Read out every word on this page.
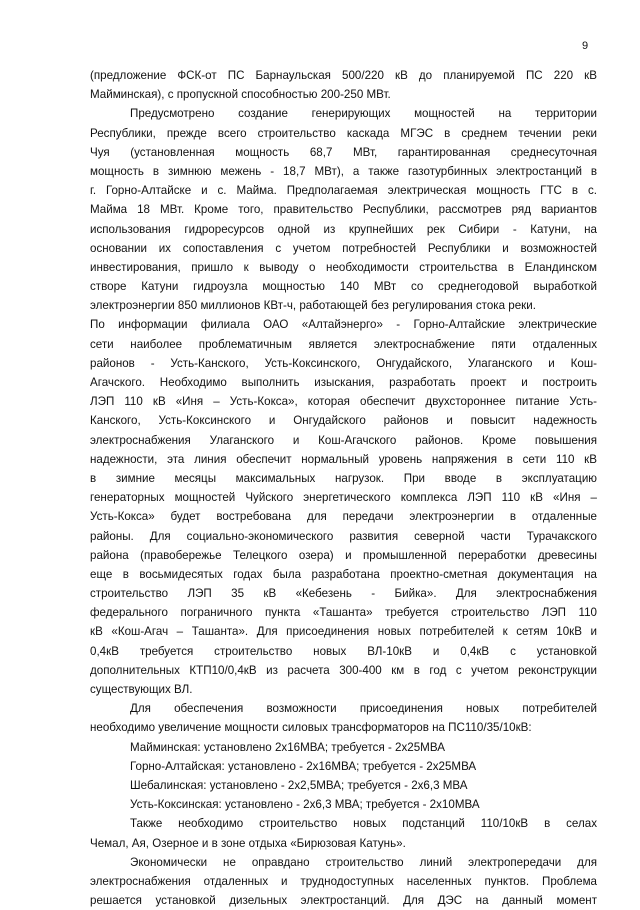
9
(предложение ФСК-от ПС Барнаульская 500/220 кВ до планируемой ПС 220 кВ
Майминская), с пропускной способностью 200-250 МВт.
Предусмотрено создание генерирующих мощностей на территории
Республики, прежде всего строительство каскада МГЭС в среднем течении реки
Чуя (установленная мощность 68,7 МВт, гарантированная среднесуточная
мощность в зимнюю межень - 18,7 МВт), а также газотурбинных электростанций в
г. Горно-Алтайске и с. Майма. Предполагаемая электрическая мощность ГТС в с.
Майма 18 МВт. Кроме того, правительство Республики, рассмотрев ряд вариантов
использования гидроресурсов одной из крупнейших рек Сибири - Катуни, на
основании их сопоставления с учетом потребностей Республики и возможностей
инвестирования, пришло к выводу о необходимости строительства в Еландинском
створе Катуни гидроузла мощностью 140 МВт со среднегодовой выработкой
электроэнергии 850 миллионов КВт-ч, работающей без регулирования стока реки.
По информации филиала ОАО «Алтайэнерго» - Горно-Алтайские электрические
сети наиболее проблематичным является электроснабжение пяти отдаленных
районов - Усть-Канского, Усть-Коксинского, Онгудайского, Улаганского и Кош-
Агачского. Необходимо выполнить изыскания, разработать проект и построить
ЛЭП 110 кВ «Иня – Усть-Кокса», которая обеспечит двухстороннее питание Усть-
Канского, Усть-Коксинского и Онгудайского районов и повысит надежность
электроснабжения Улаганского и Кош-Агачского районов. Кроме повышения
надежности, эта линия обеспечит нормальный уровень напряжения в сети 110 кВ
в зимние месяцы максимальных нагрузок. При вводе в эксплуатацию
генераторных мощностей Чуйского энергетического комплекса ЛЭП 110 кВ «Иня –
Усть-Кокса» будет востребована для передачи электроэнергии в отдаленные
районы. Для социально-экономического развития северной части Турачакского
района (правобережье Телецкого озера) и промышленной переработки древесины
еще в восьмидесятых годах была разработана проектно-сметная документация на
строительство ЛЭП 35 кВ «Кебезень - Бийка». Для электроснабжения
федерального пограничного пункта «Ташанта» требуется строительство ЛЭП 110
кВ «Кош-Агач – Ташанта». Для присоединения новых потребителей к сетям 10кВ и
0,4кВ требуется строительство новых ВЛ-10кВ и 0,4кВ с установкой
дополнительных КТП10/0,4кВ из расчета 300-400 км в год с учетом реконструкции
существующих ВЛ.
Для обеспечения возможности присоединения новых потребителей
необходимо увеличение мощности силовых трансформаторов на ПС110/35/10кВ:
Майминская: установлено 2х16МВА; требуется - 2х25МВА
Горно-Алтайская: установлено - 2х16МВА; требуется - 2х25МВА
Шебалинская: установлено - 2х2,5МВА; требуется - 2х6,3 МВА
Усть-Коксинская: установлено - 2х6,3 МВА; требуется - 2х10МВА
Также необходимо строительство новых подстанций 110/10кВ в селах
Чемал, Ая, Озерное и в зоне отдыха «Бирюзовая Катунь».
Экономически не оправдано строительство линий электропередачи для
электроснабжения отдаленных и труднодоступных населенных пунктов. Проблема
решается установкой дизельных электростанций. Для ДЭС на данный момент
